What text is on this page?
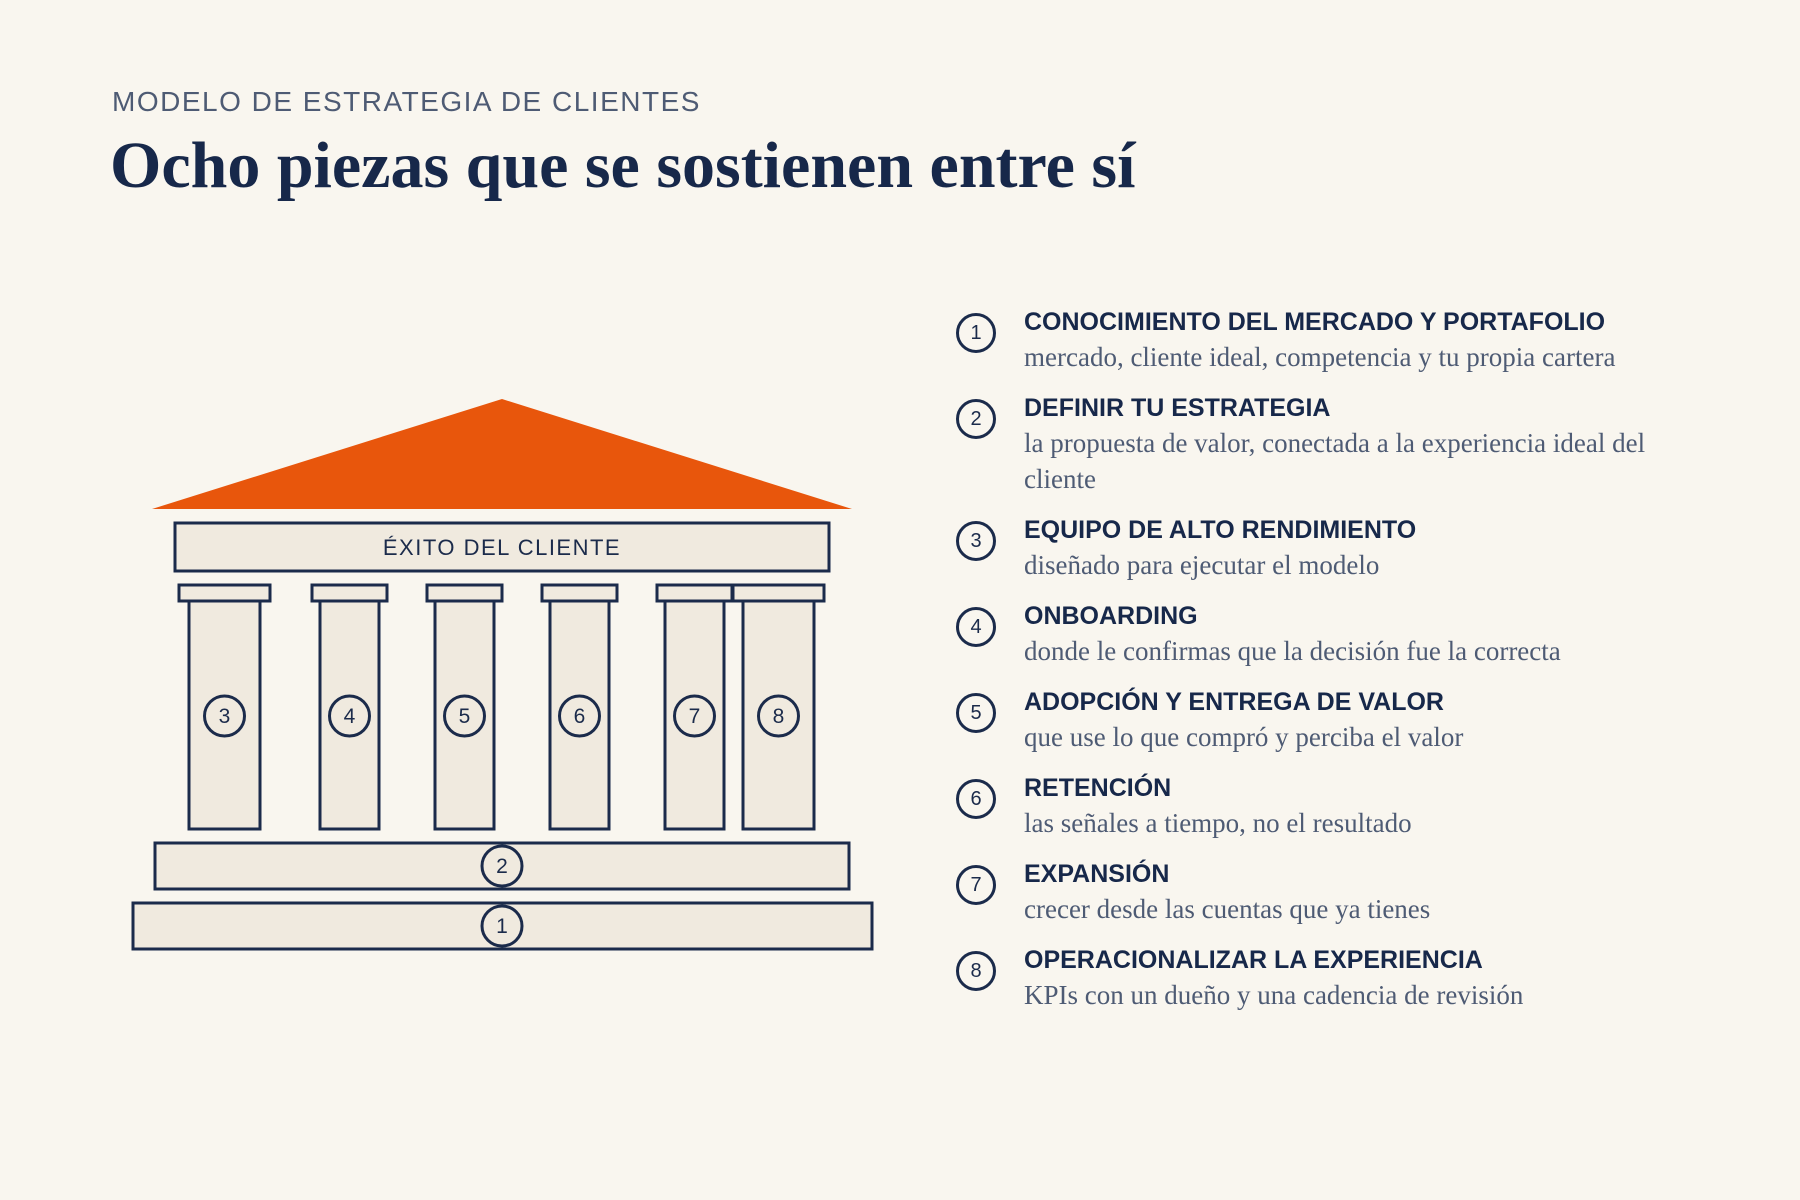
MODELO DE ESTRATEGIA DE CLIENTES
Ocho piezas que se sostienen entre sí
ÉXITO DEL CLIENTE
3	4	5	6	7	8
2
1
1	CONOCIMIENTO DEL MERCADO Y PORTAFOLIO
mercado, cliente ideal, competencia y tu propia cartera
2	DEFINIR TU ESTRATEGIA
la propuesta de valor, conectada a la experiencia ideal del cliente
3	EQUIPO DE ALTO RENDIMIENTO
diseñado para ejecutar el modelo
4	ONBOARDING
donde le confirmas que la decisión fue la correcta
5	ADOPCIÓN Y ENTREGA DE VALOR
que use lo que compró y perciba el valor
6	RETENCIÓN
las señales a tiempo, no el resultado
7	EXPANSIÓN
crecer desde las cuentas que ya tienes
8	OPERACIONALIZAR LA EXPERIENCIA
KPIs con un dueño y una cadencia de revisión
